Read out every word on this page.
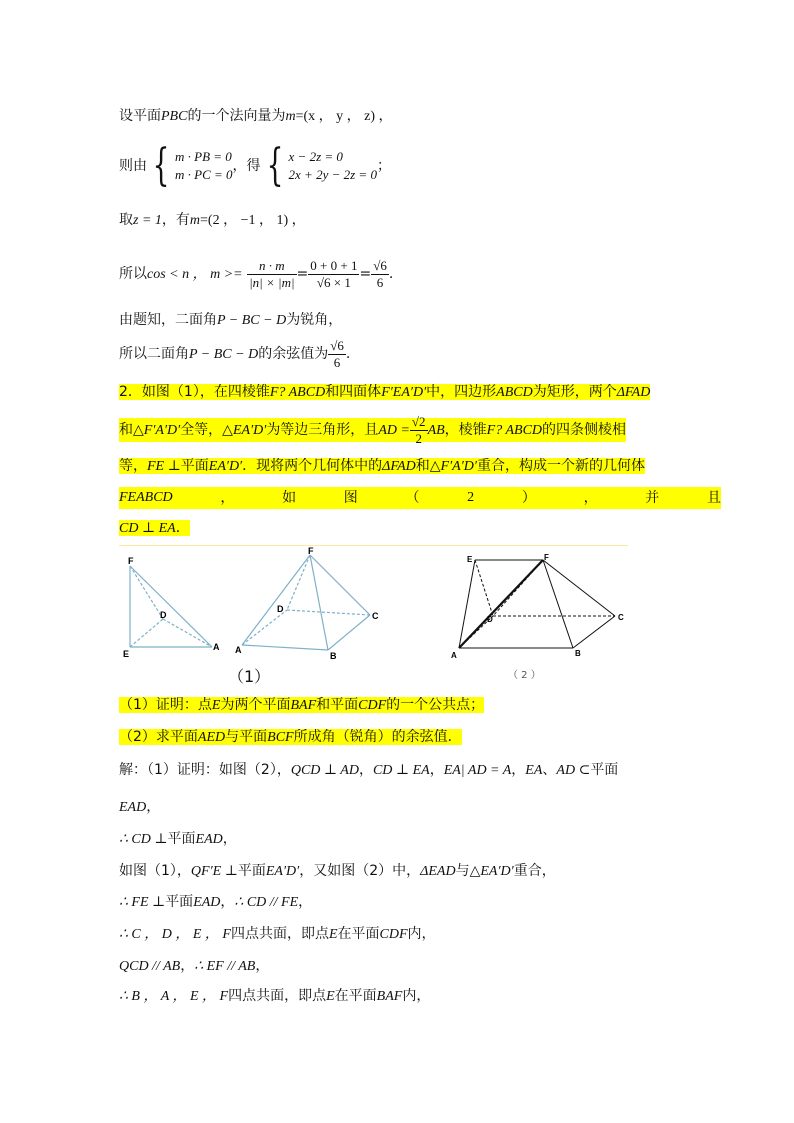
设平面PBC的一个法向量为m=(x ， y ， z) ，
则由 { m · PB = 0
m · PC = 0
，得 { x − 2z = 0
2x + 2y − 2z = 0
；
取z = 1，有m=(2 ， −1 ， 1) ，
所以cos < n ， $m >= \frac{n \cdot m}{|n| \times |m|} = \frac{0 + 0 + 1}{√6 \times 1} = \frac{√6}{6}$ .
由题知，二面角P − BC − D为锐角，
所以二面角P − BC − D的余弦值为 $\frac{√6}{6}$ .
2．如图（1），在四棱锥F? ABCD和四面体F′EA′D′中，四边形ABCD为矩形，两个ΔFAD
和△F′A′D′全等，△EA′D′为等边三角形，且AD = $\frac{√2}{2}$ AB，棱锥F? ABCD的四条侧棱相
等，FE ⊥平面EA′D′．现将两个几何体中的ΔFAD和△F′A′D′重合，构成一个新的几何体
FEABCD	，	如	图	（	2	）	，	并	且
CD ⊥ EA．
F
D
E
A
F
D
C
A
B
（1）
E	F
D	C
A	B
（ 2 ）
（1）证明：点E为两个平面BAF和平面CDF的一个公共点；
（2）求平面AED与平面BCF所成角（锐角）的余弦值．
解：（1）证明：如图（2），QCD ⊥ AD，CD ⊥ EA，EA| AD = A，EA、AD ⊂平面
EAD，
∴ CD ⊥平面EAD，
如图（1），QF′E ⊥平面EA′D′，又如图（2）中，ΔEAD与△EA′D′重合，
∴ FE ⊥平面EAD，∴ CD // FE，
∴ C ， D ， E ， F四点共面，即点E在平面CDF内，
QCD // AB，∴ EF // AB，
∴ B ， A ， E ， F四点共面，即点E在平面BAF内，
